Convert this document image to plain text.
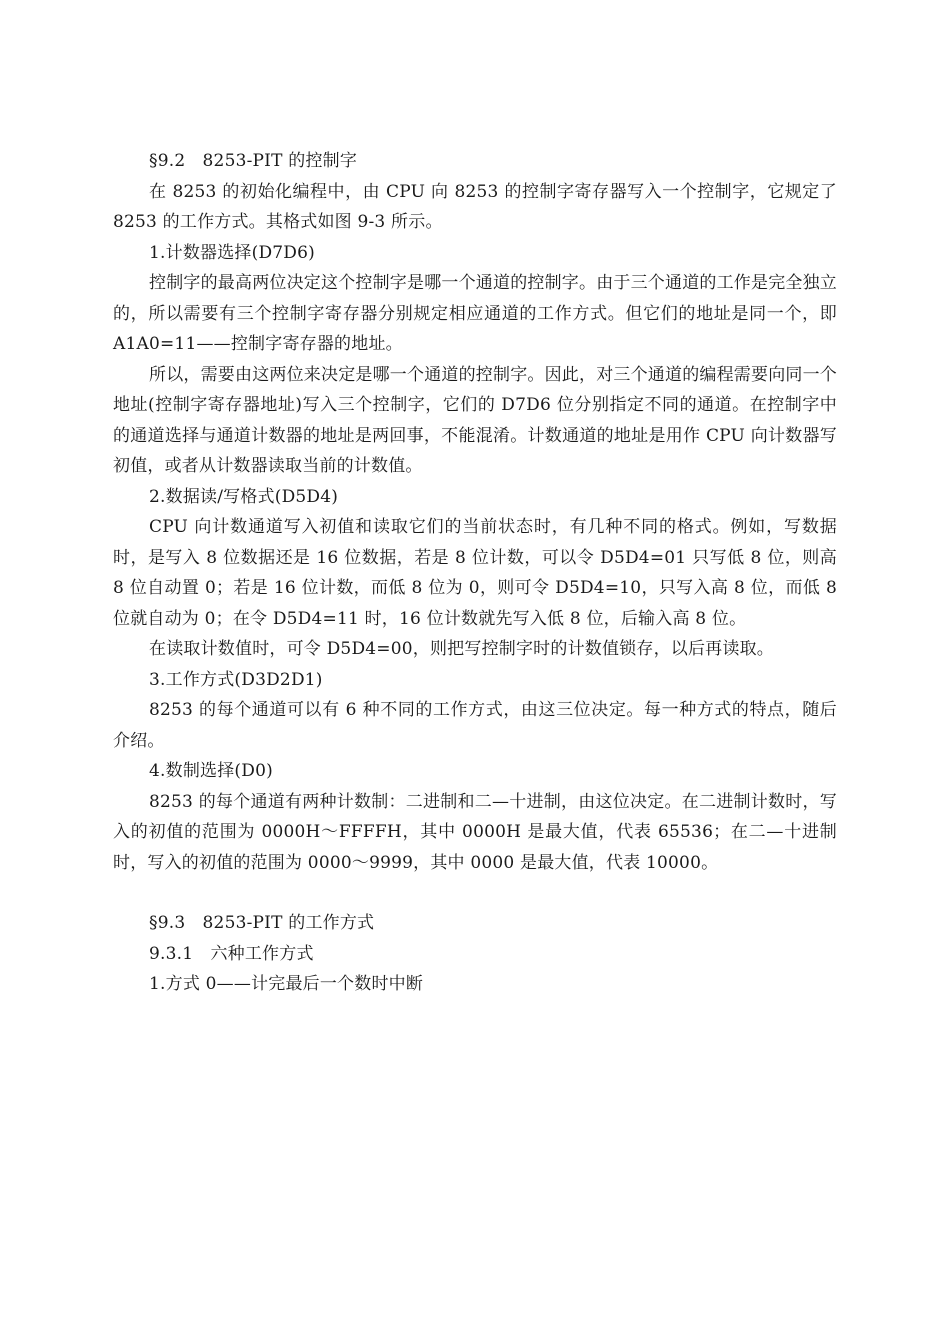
§9.2　8253-PIT 的控制字

在 8253 的初始化编程中，由 CPU 向 8253 的控制字寄存器写入一个控制字，它规定了 8253 的工作方式。其格式如图 9-3 所示。

1.计数器选择(D7D6)

控制字的最高两位决定这个控制字是哪一个通道的控制字。由于三个通道的工作是完全独立的，所以需要有三个控制字寄存器分别规定相应通道的工作方式。但它们的地址是同一个，即 A1A0=11——控制字寄存器的地址。

所以，需要由这两位来决定是哪一个通道的控制字。因此，对三个通道的编程需要向同一个地址(控制字寄存器地址)写入三个控制字，它们的 D7D6 位分别指定不同的通道。在控制字中的通道选择与通道计数器的地址是两回事，不能混淆。计数通道的地址是用作 CPU 向计数器写初值，或者从计数器读取当前的计数值。

2.数据读/写格式(D5D4)

CPU 向计数通道写入初值和读取它们的当前状态时，有几种不同的格式。例如，写数据时，是写入 8 位数据还是 16 位数据，若是 8 位计数，可以令 D5D4=01 只写低 8 位，则高 8 位自动置 0；若是 16 位计数，而低 8 位为 0，则可令 D5D4=10，只写入高 8 位，而低 8 位就自动为 0；在令 D5D4=11 时，16 位计数就先写入低 8 位，后输入高 8 位。

在读取计数值时，可令 D5D4=00，则把写控制字时的计数值锁存，以后再读取。

3.工作方式(D3D2D1)

8253 的每个通道可以有 6 种不同的工作方式，由这三位决定。每一种方式的特点，随后介绍。

4.数制选择(D0)

8253 的每个通道有两种计数制：二进制和二—十进制，由这位决定。在二进制计数时，写入的初值的范围为 0000H～FFFFH，其中 0000H 是最大值，代表 65536；在二—十进制时，写入的初值的范围为 0000～9999，其中 0000 是最大值，代表 10000。

§9.3　8253-PIT 的工作方式

9.3.1　六种工作方式

1.方式 0——计完最后一个数时中断
